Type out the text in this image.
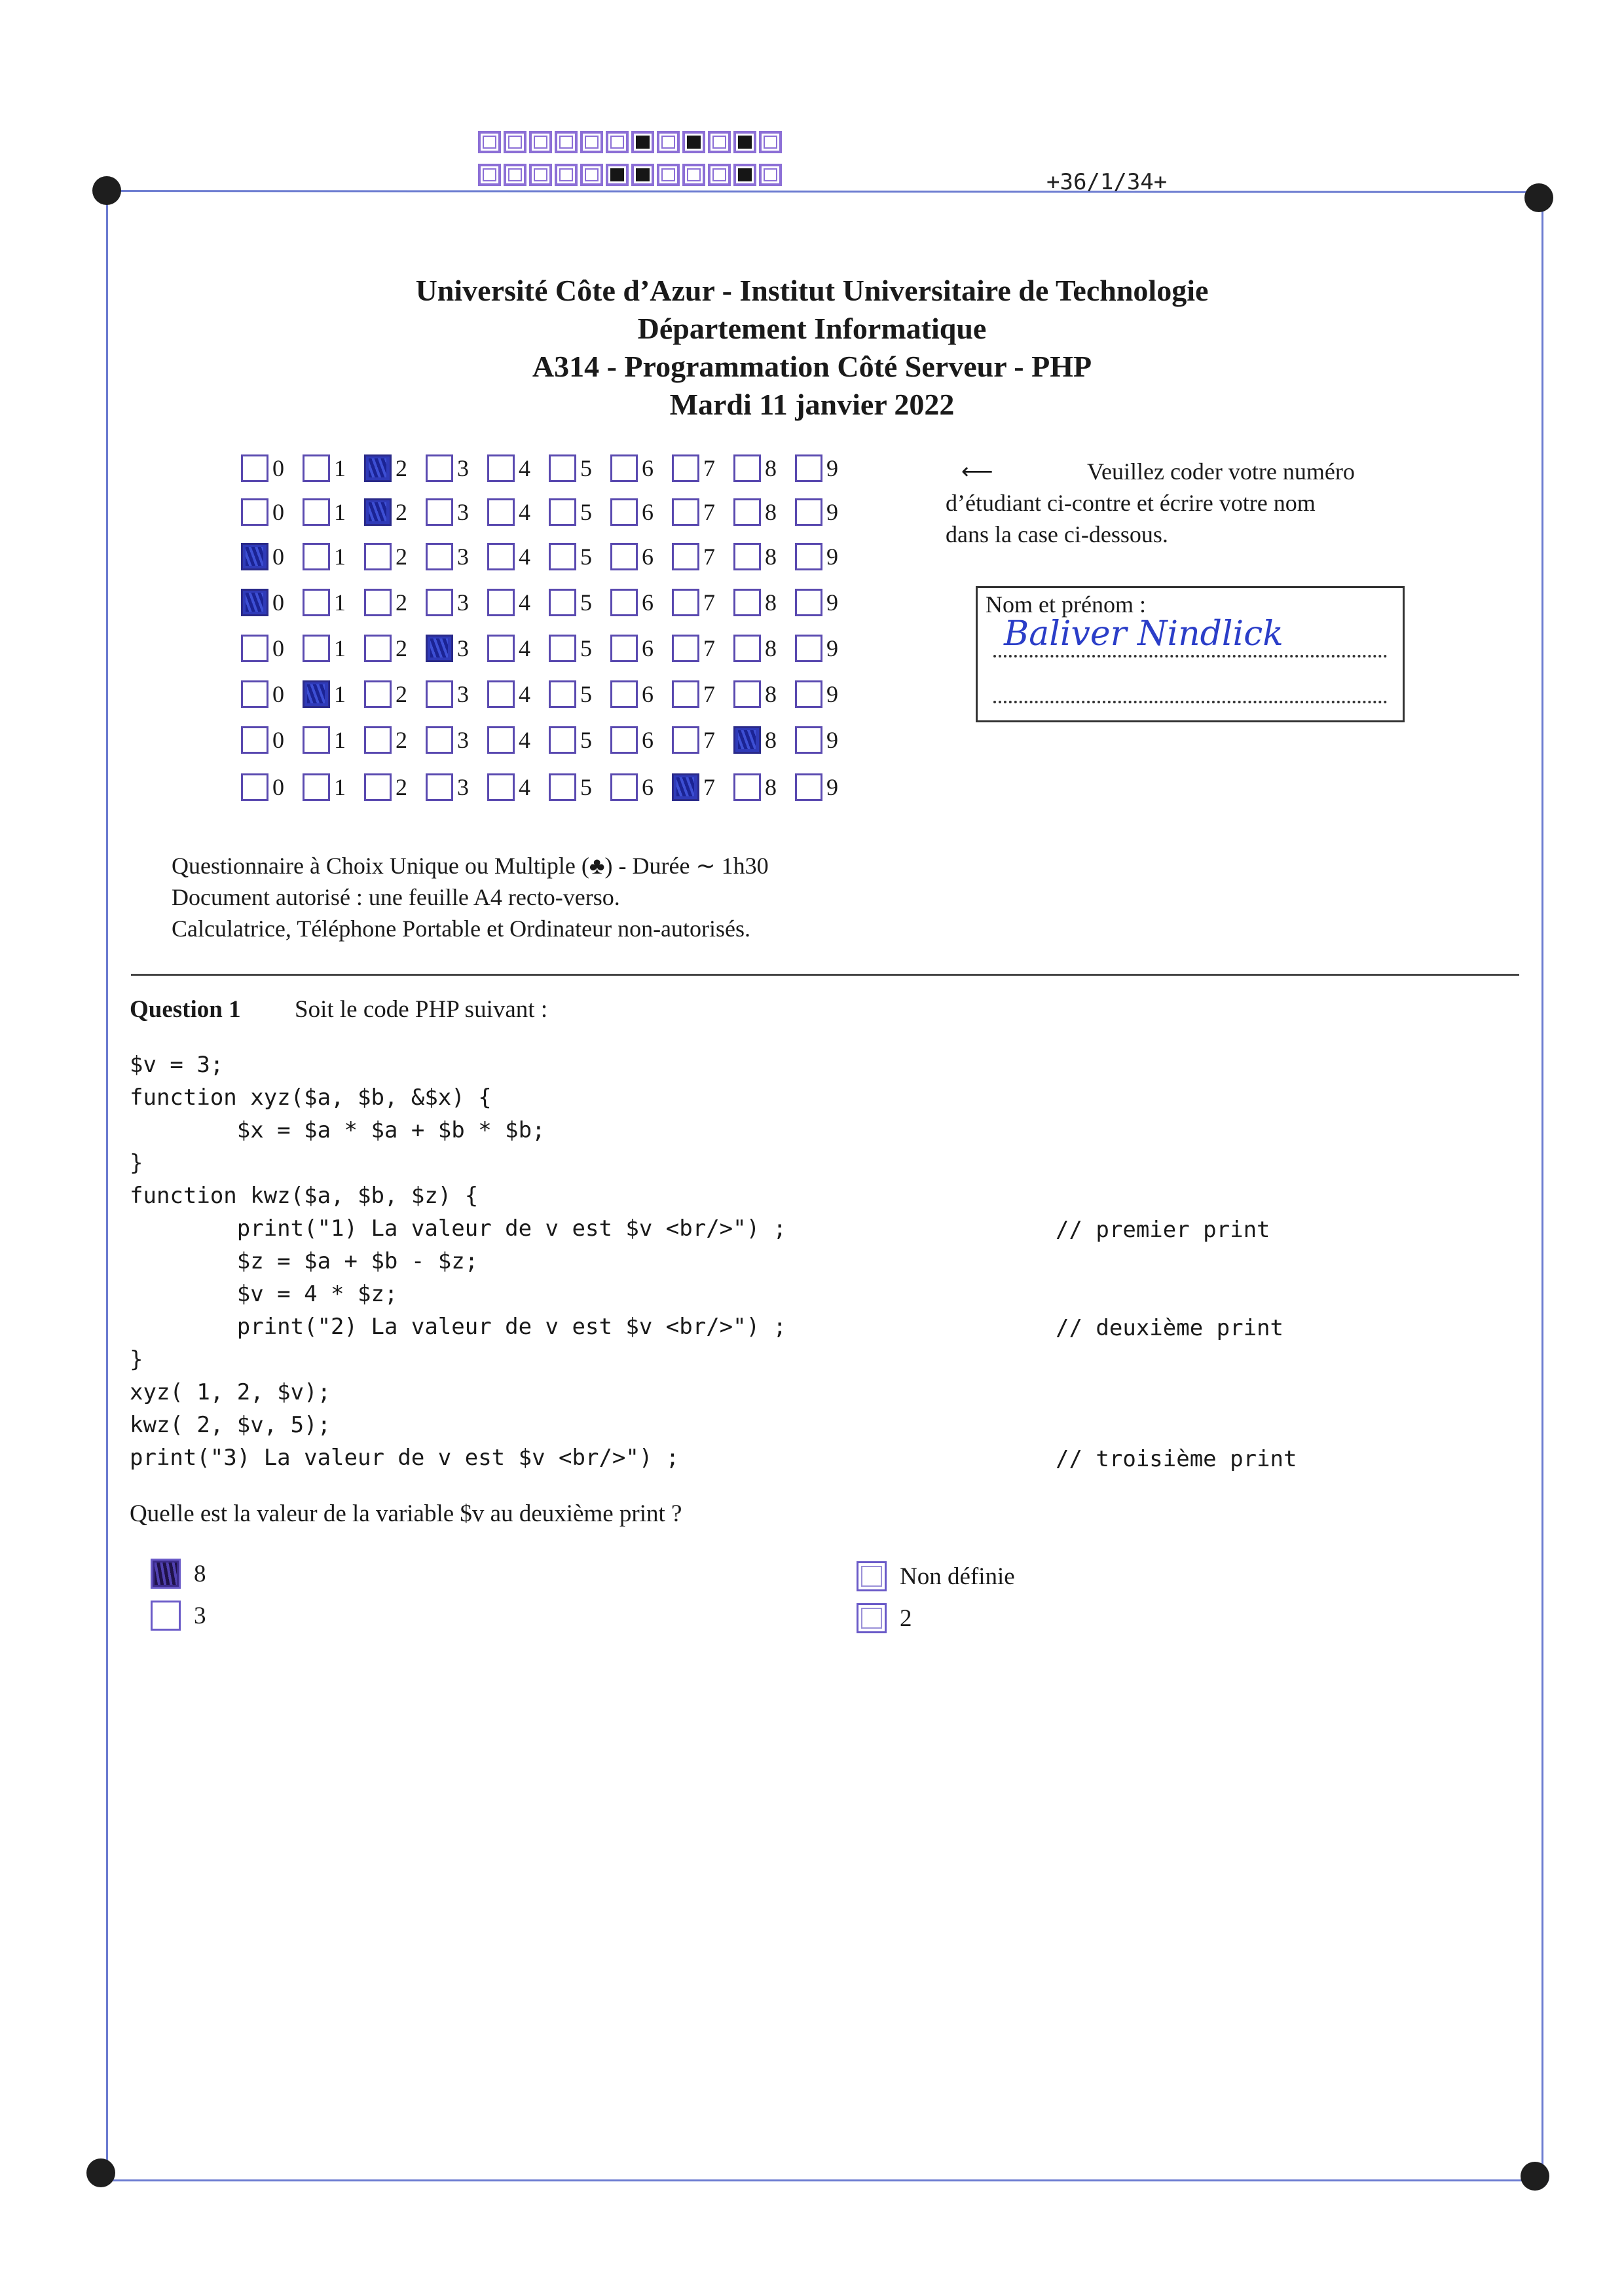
+36/1/34+
Université Côte d’Azur - Institut Universitaire de Technologie
Département Informatique
A314 - Programmation Côté Serveur - PHP
Mardi 11 janvier 2022
0 1 2 3 4 5 6 7 8 9
0 1 2 3 4 5 6 7 8 9
0 1 2 3 4 5 6 7 8 9
0 1 2 3 4 5 6 7 8 9
0 1 2 3 4 5 6 7 8 9
0 1 2 3 4 5 6 7 8 9
0 1 2 3 4 5 6 7 8 9
0 1 2 3 4 5 6 7 8 9
⟵	Veuillez coder votre numéro
d’étudiant ci-contre et écrire votre nom
dans la case ci-dessous.
Nom et prénom :
Baliver Nindlick
Questionnaire à Choix Unique ou Multiple (♣) - Durée ∼ 1h30
Document autorisé : une feuille A4 recto-verso.
Calculatrice, Téléphone Portable et Ordinateur non-autorisés.
Question 1 Soit le code PHP suivant :
$v = 3;
function xyz($a, $b, &$x) {
$x = $a * $a + $b * $b;
}
function kwz($a, $b, $z) {
print("1) La valeur de v est $v <br/>") ;
$z = $a + $b - $z;
$v = 4 * $z;
print("2) La valeur de v est $v <br/>") ;
}
xyz( 1, 2, $v);
kwz( 2, $v, 5);
print("3) La valeur de v est $v <br/>") ;
// premier print
// deuxième print
// troisième print
Quelle est la valeur de la variable $v au deuxième print ?
8
3
Non définie
2
